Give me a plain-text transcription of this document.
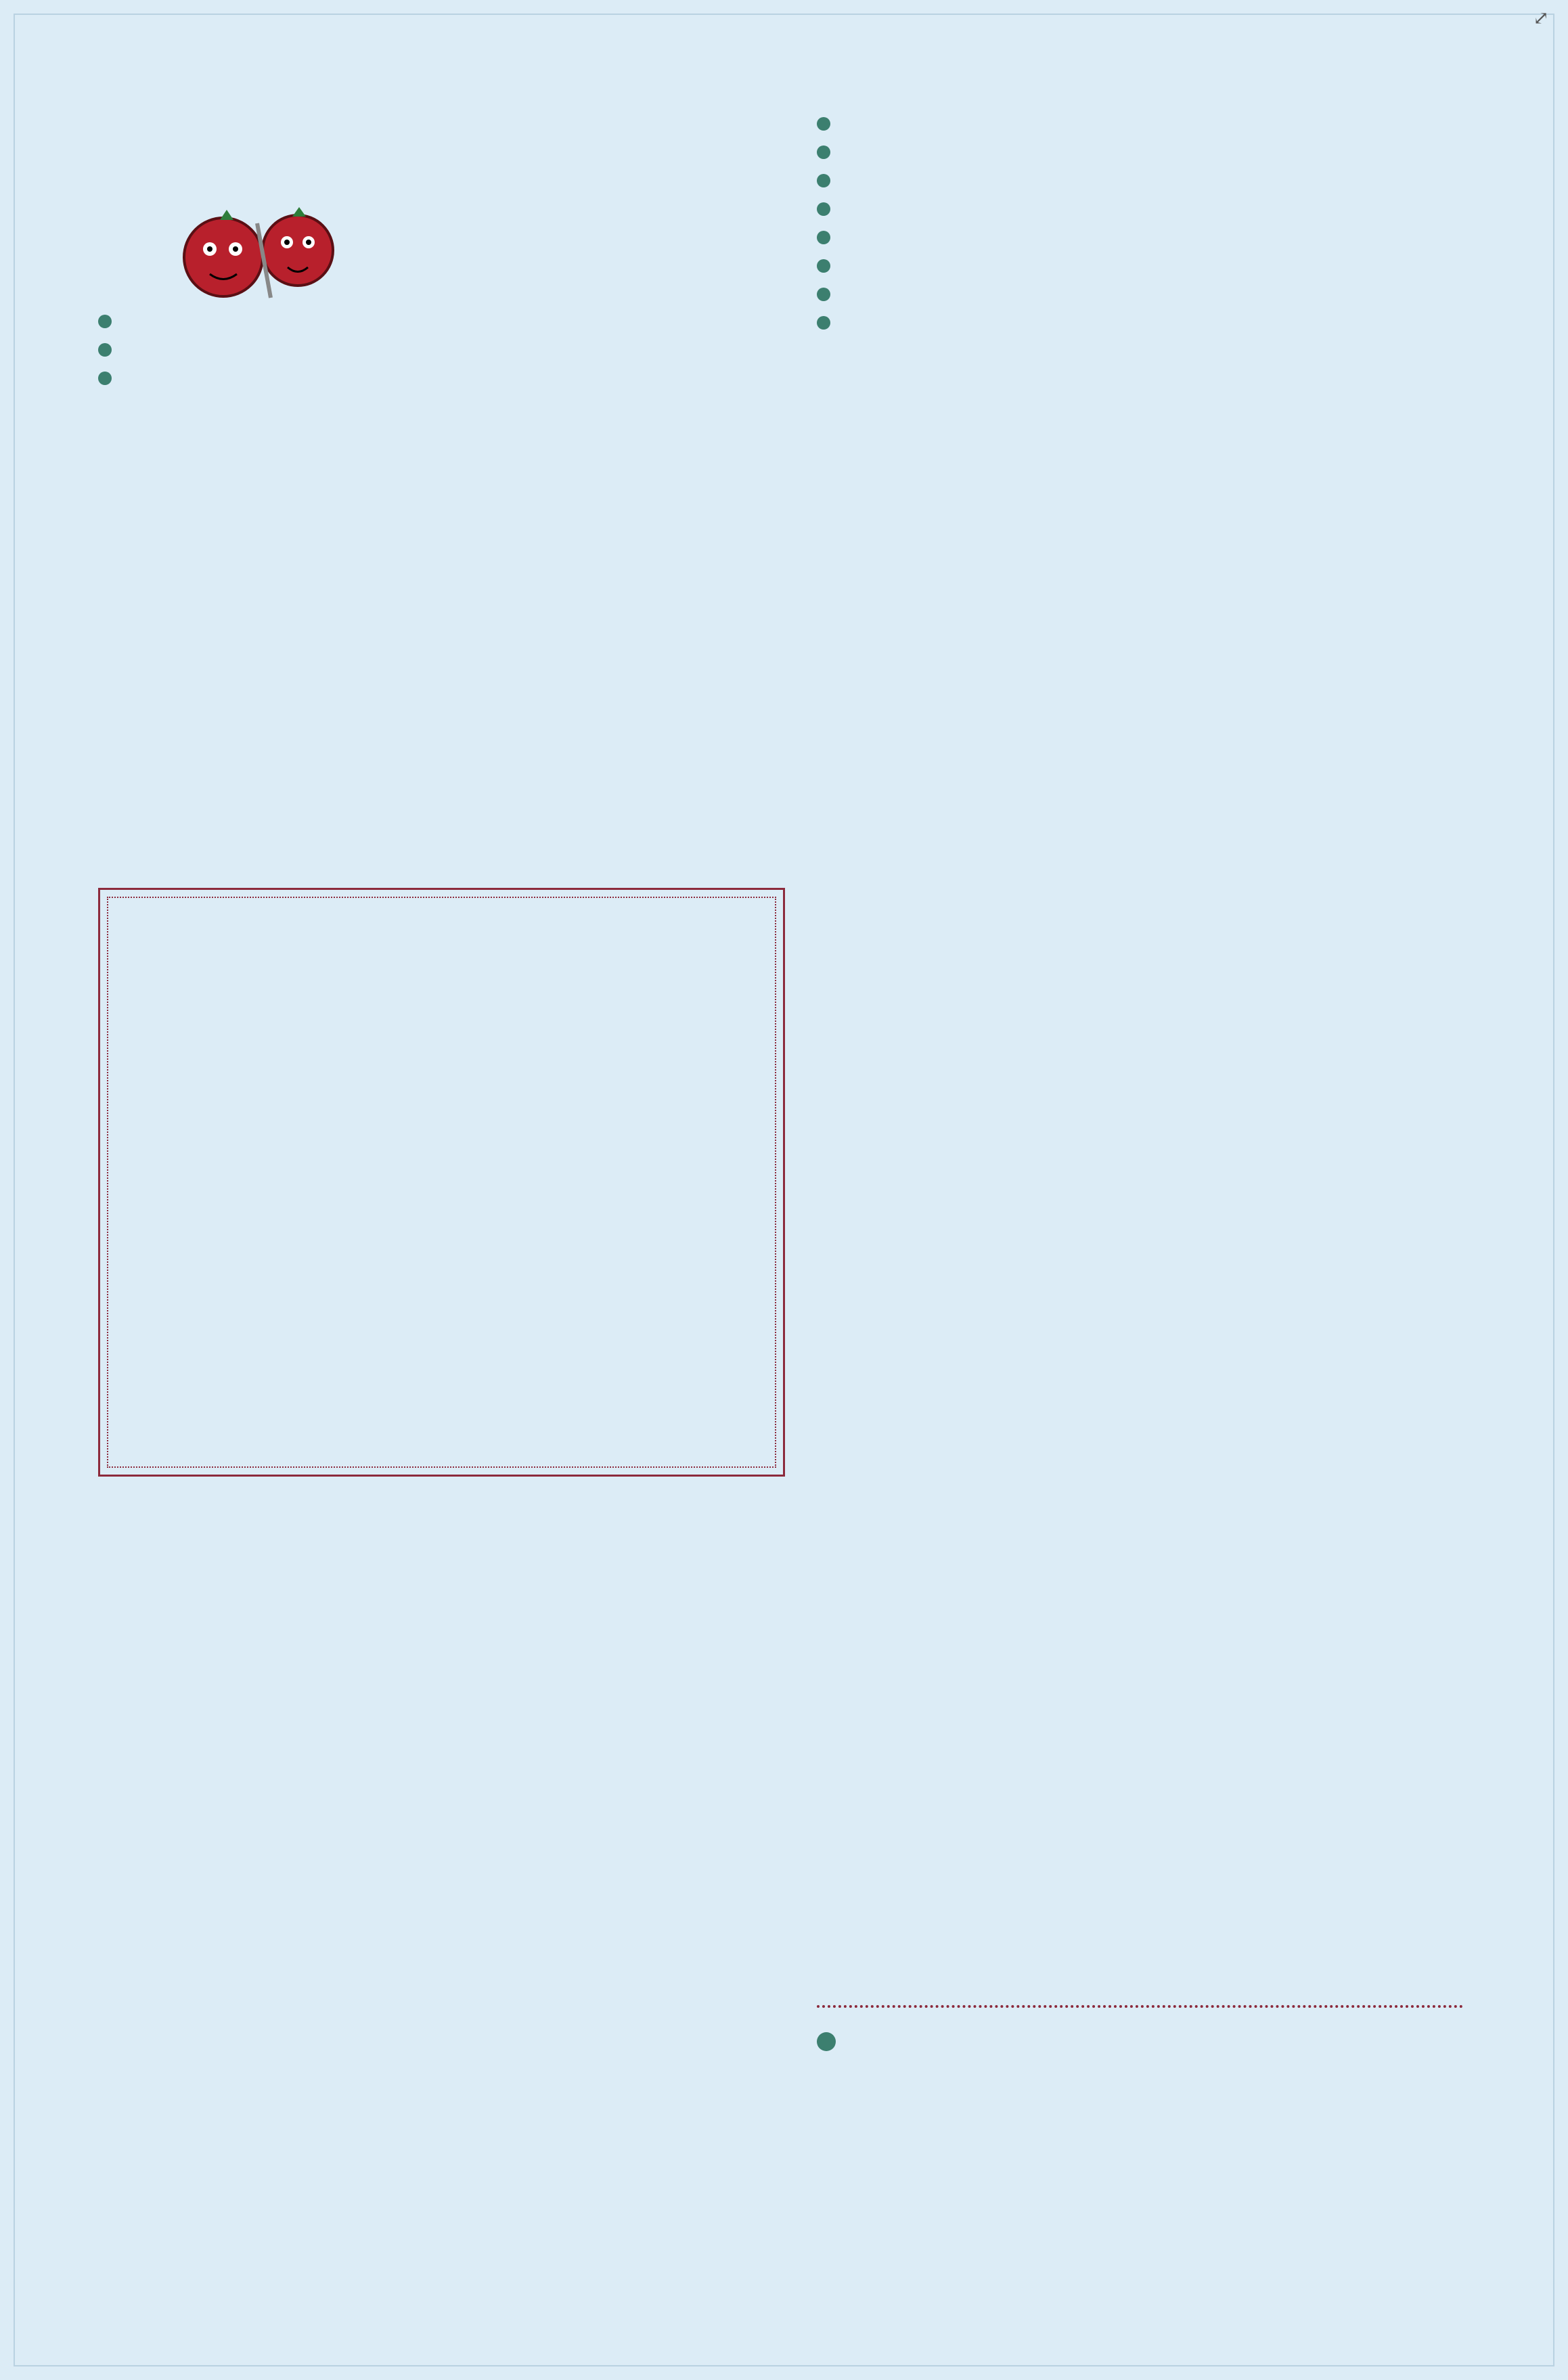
⤢
